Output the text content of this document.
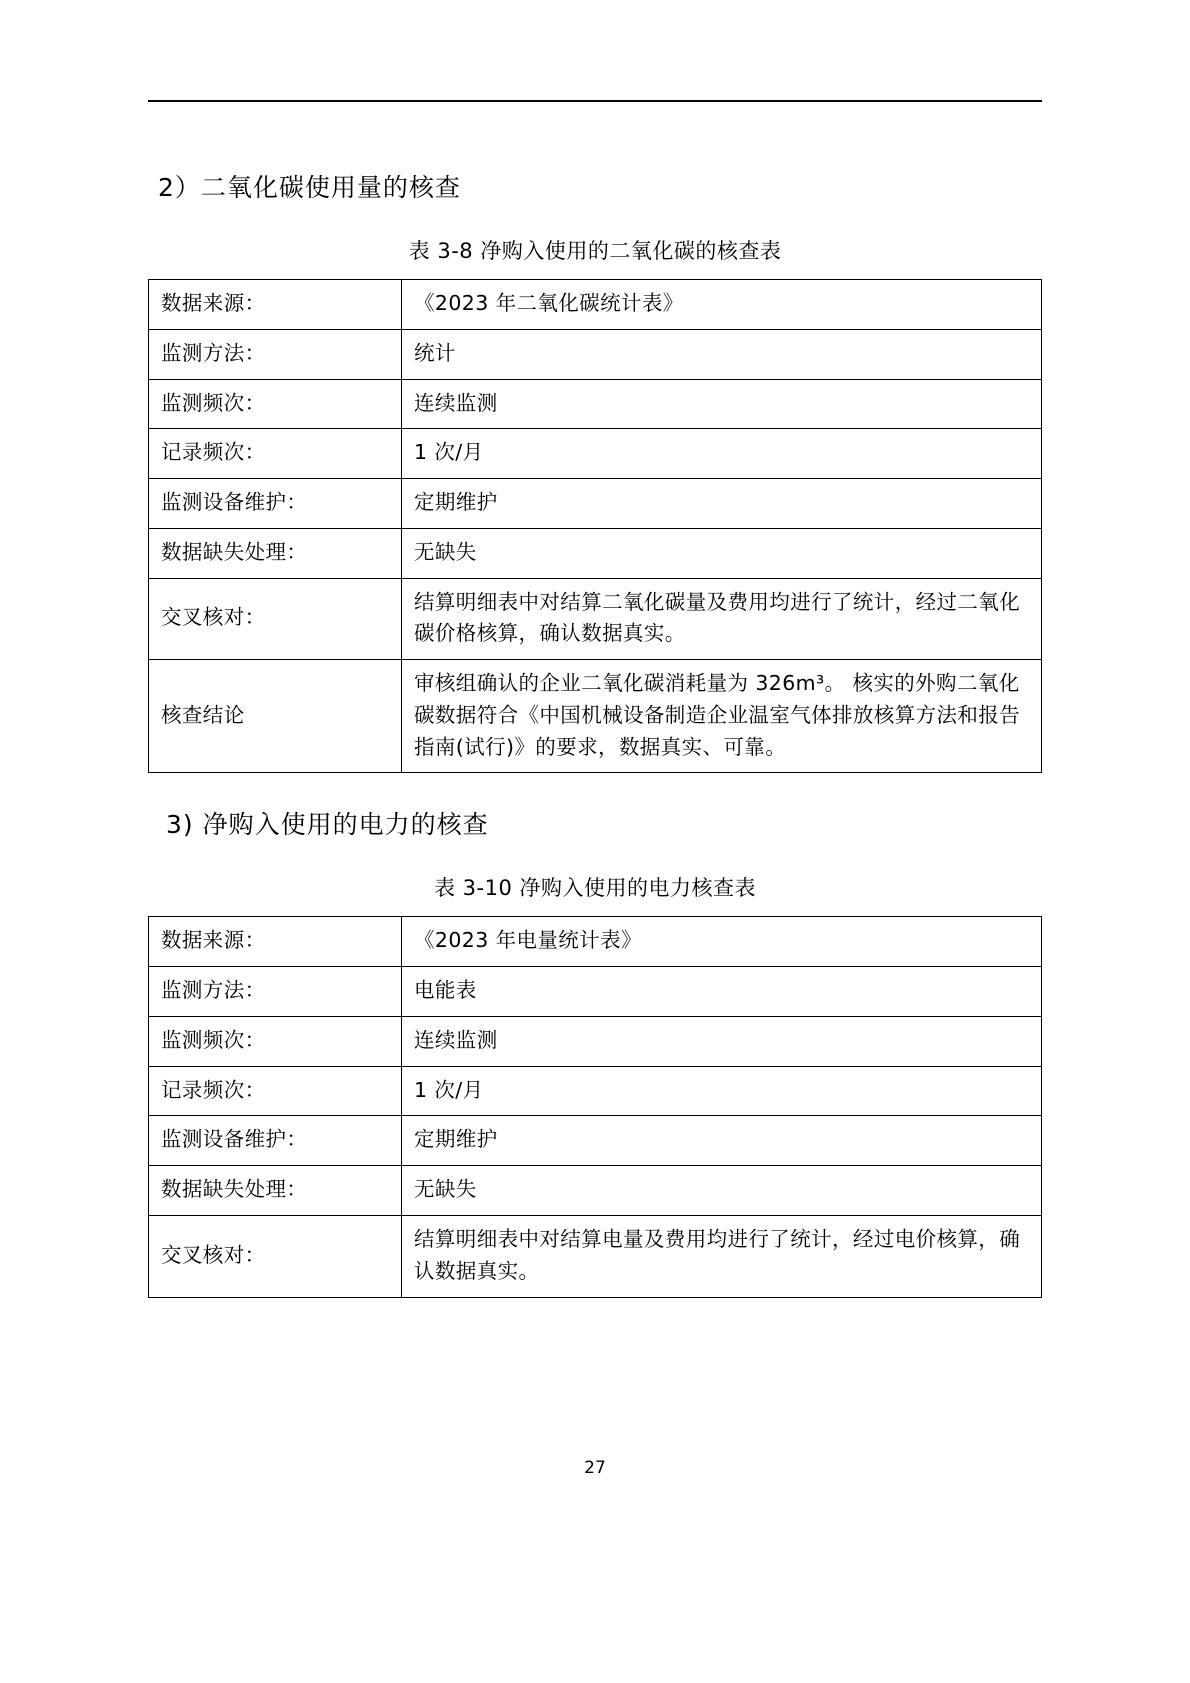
2）二氧化碳使用量的核查
表 3-8 净购入使用的二氧化碳的核查表
数据来源：	《2023 年二氧化碳统计表》
监测方法：	统计
监测频次：	连续监测
记录频次：	1 次/月
监测设备维护：	定期维护
数据缺失处理：	无缺失
交叉核对：	结算明细表中对结算二氧化碳量及费用均进行了统计，经过二氧化碳价格核算，确认数据真实。
核查结论	审核组确认的企业二氧化碳消耗量为 326m³。 核实的外购二氧化碳数据符合《中国机械设备制造企业温室气体排放核算方法和报告指南(试行)》的要求，数据真实、可靠。
3) 净购入使用的电力的核查
表 3-10 净购入使用的电力核查表
数据来源：	《2023 年电量统计表》
监测方法：	电能表
监测频次：	连续监测
记录频次：	1 次/月
监测设备维护：	定期维护
数据缺失处理：	无缺失
交叉核对：	结算明细表中对结算电量及费用均进行了统计，经过电价核算，确认数据真实。
27
